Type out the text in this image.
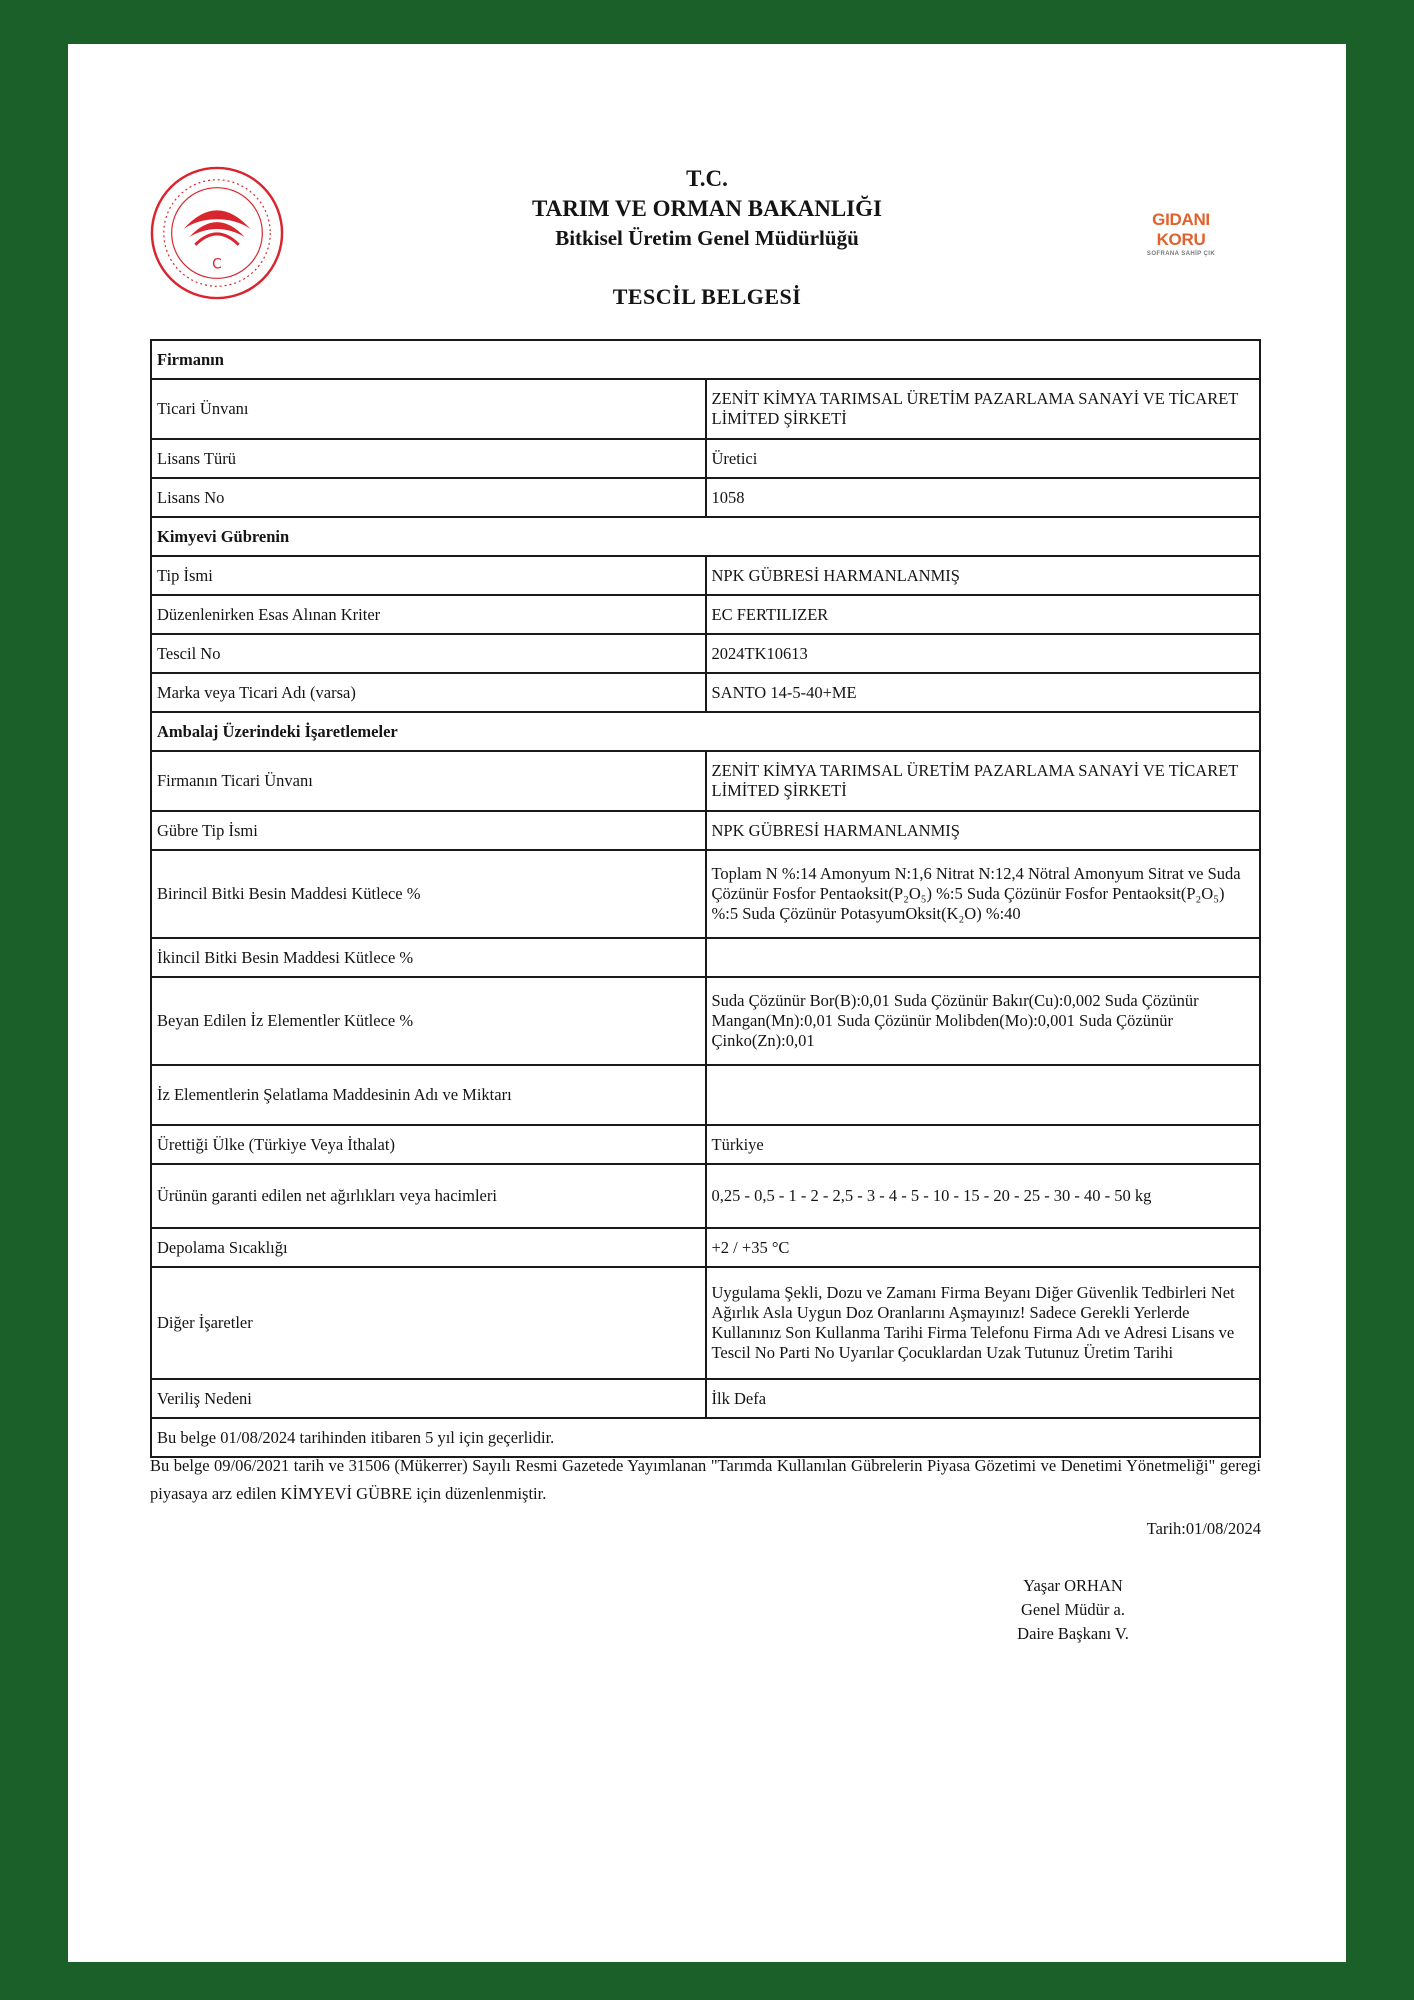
C
T.C.
TARIM VE ORMAN BAKANLIĞI
Bitkisel Üretim Genel Müdürlüğü
TESCİL BELGESİ
GIDANI KORU
SOFRANA SAHİP ÇIK
Firmanın	
Ticari Ünvanı	ZENİT KİMYA TARIMSAL ÜRETİM PAZARLAMA SANAYİ VE TİCARET LİMİTED ŞİRKETİ
Lisans Türü	Üretici
Lisans No	1058
Kimyevi Gübrenin	
Tip İsmi	NPK GÜBRESİ HARMANLANMIŞ
Düzenlenirken Esas Alınan Kriter	EC FERTILIZER
Tescil No	2024TK10613
Marka veya Ticari Adı (varsa)	SANTO 14-5-40+ME
Ambalaj Üzerindeki İşaretlemeler	
Firmanın Ticari Ünvanı	ZENİT KİMYA TARIMSAL ÜRETİM PAZARLAMA SANAYİ VE TİCARET LİMİTED ŞİRKETİ
Gübre Tip İsmi	NPK GÜBRESİ HARMANLANMIŞ
Birincil Bitki Besin Maddesi Kütlece %	Toplam N %:14 Amonyum N:1,6 Nitrat N:12,4 Nötral Amonyum Sitrat ve Suda Çözünür Fosfor Pentaoksit(P₂O₅) %:5 Suda Çözünür Fosfor Pentaoksit(P₂O₅) %:5 Suda Çözünür PotasyumOksit(K₂O) %:40
İkincil Bitki Besin Maddesi Kütlece %	
Beyan Edilen İz Elementler Kütlece %	Suda Çözünür Bor(B):0,01 Suda Çözünür Bakır(Cu):0,002 Suda Çözünür Mangan(Mn):0,01 Suda Çözünür Molibden(Mo):0,001 Suda Çözünür Çinko(Zn):0,01
İz Elementlerin Şelatlama Maddesinin Adı ve Miktarı	
Ürettiği Ülke (Türkiye Veya İthalat)	Türkiye
Ürünün garanti edilen net ağırlıkları veya hacimleri	0,25 - 0,5 - 1 - 2 - 2,5 - 3 - 4 - 5 - 10 - 15 - 20 - 25 - 30 - 40 - 50 kg
Depolama Sıcaklığı	+2 / +35 °C
Diğer İşaretler	Uygulama Şekli, Dozu ve Zamanı Firma Beyanı Diğer Güvenlik Tedbirleri Net Ağırlık Asla Uygun Doz Oranlarını Aşmayınız! Sadece Gerekli Yerlerde Kullanınız Son Kullanma Tarihi Firma Telefonu Firma Adı ve Adresi Lisans ve Tescil No Parti No Uyarılar Çocuklardan Uzak Tutunuz Üretim Tarihi
Veriliş Nedeni	İlk Defa
Bu belge 01/08/2024 tarihinden itibaren 5 yıl için geçerlidir.	
Bu belge 09/06/2021 tarih ve 31506 (Mükerrer) Sayılı Resmi Gazetede Yayımlanan "Tarımda Kullanılan Gübrelerin Piyasa Gözetimi ve Denetimi Yönetmeliği" geregi piyasaya arz edilen KİMYEVİ GÜBRE için düzenlenmiştir.
Tarih:01/08/2024
Yaşar ORHAN
Genel Müdür a.
Daire Başkanı V.
